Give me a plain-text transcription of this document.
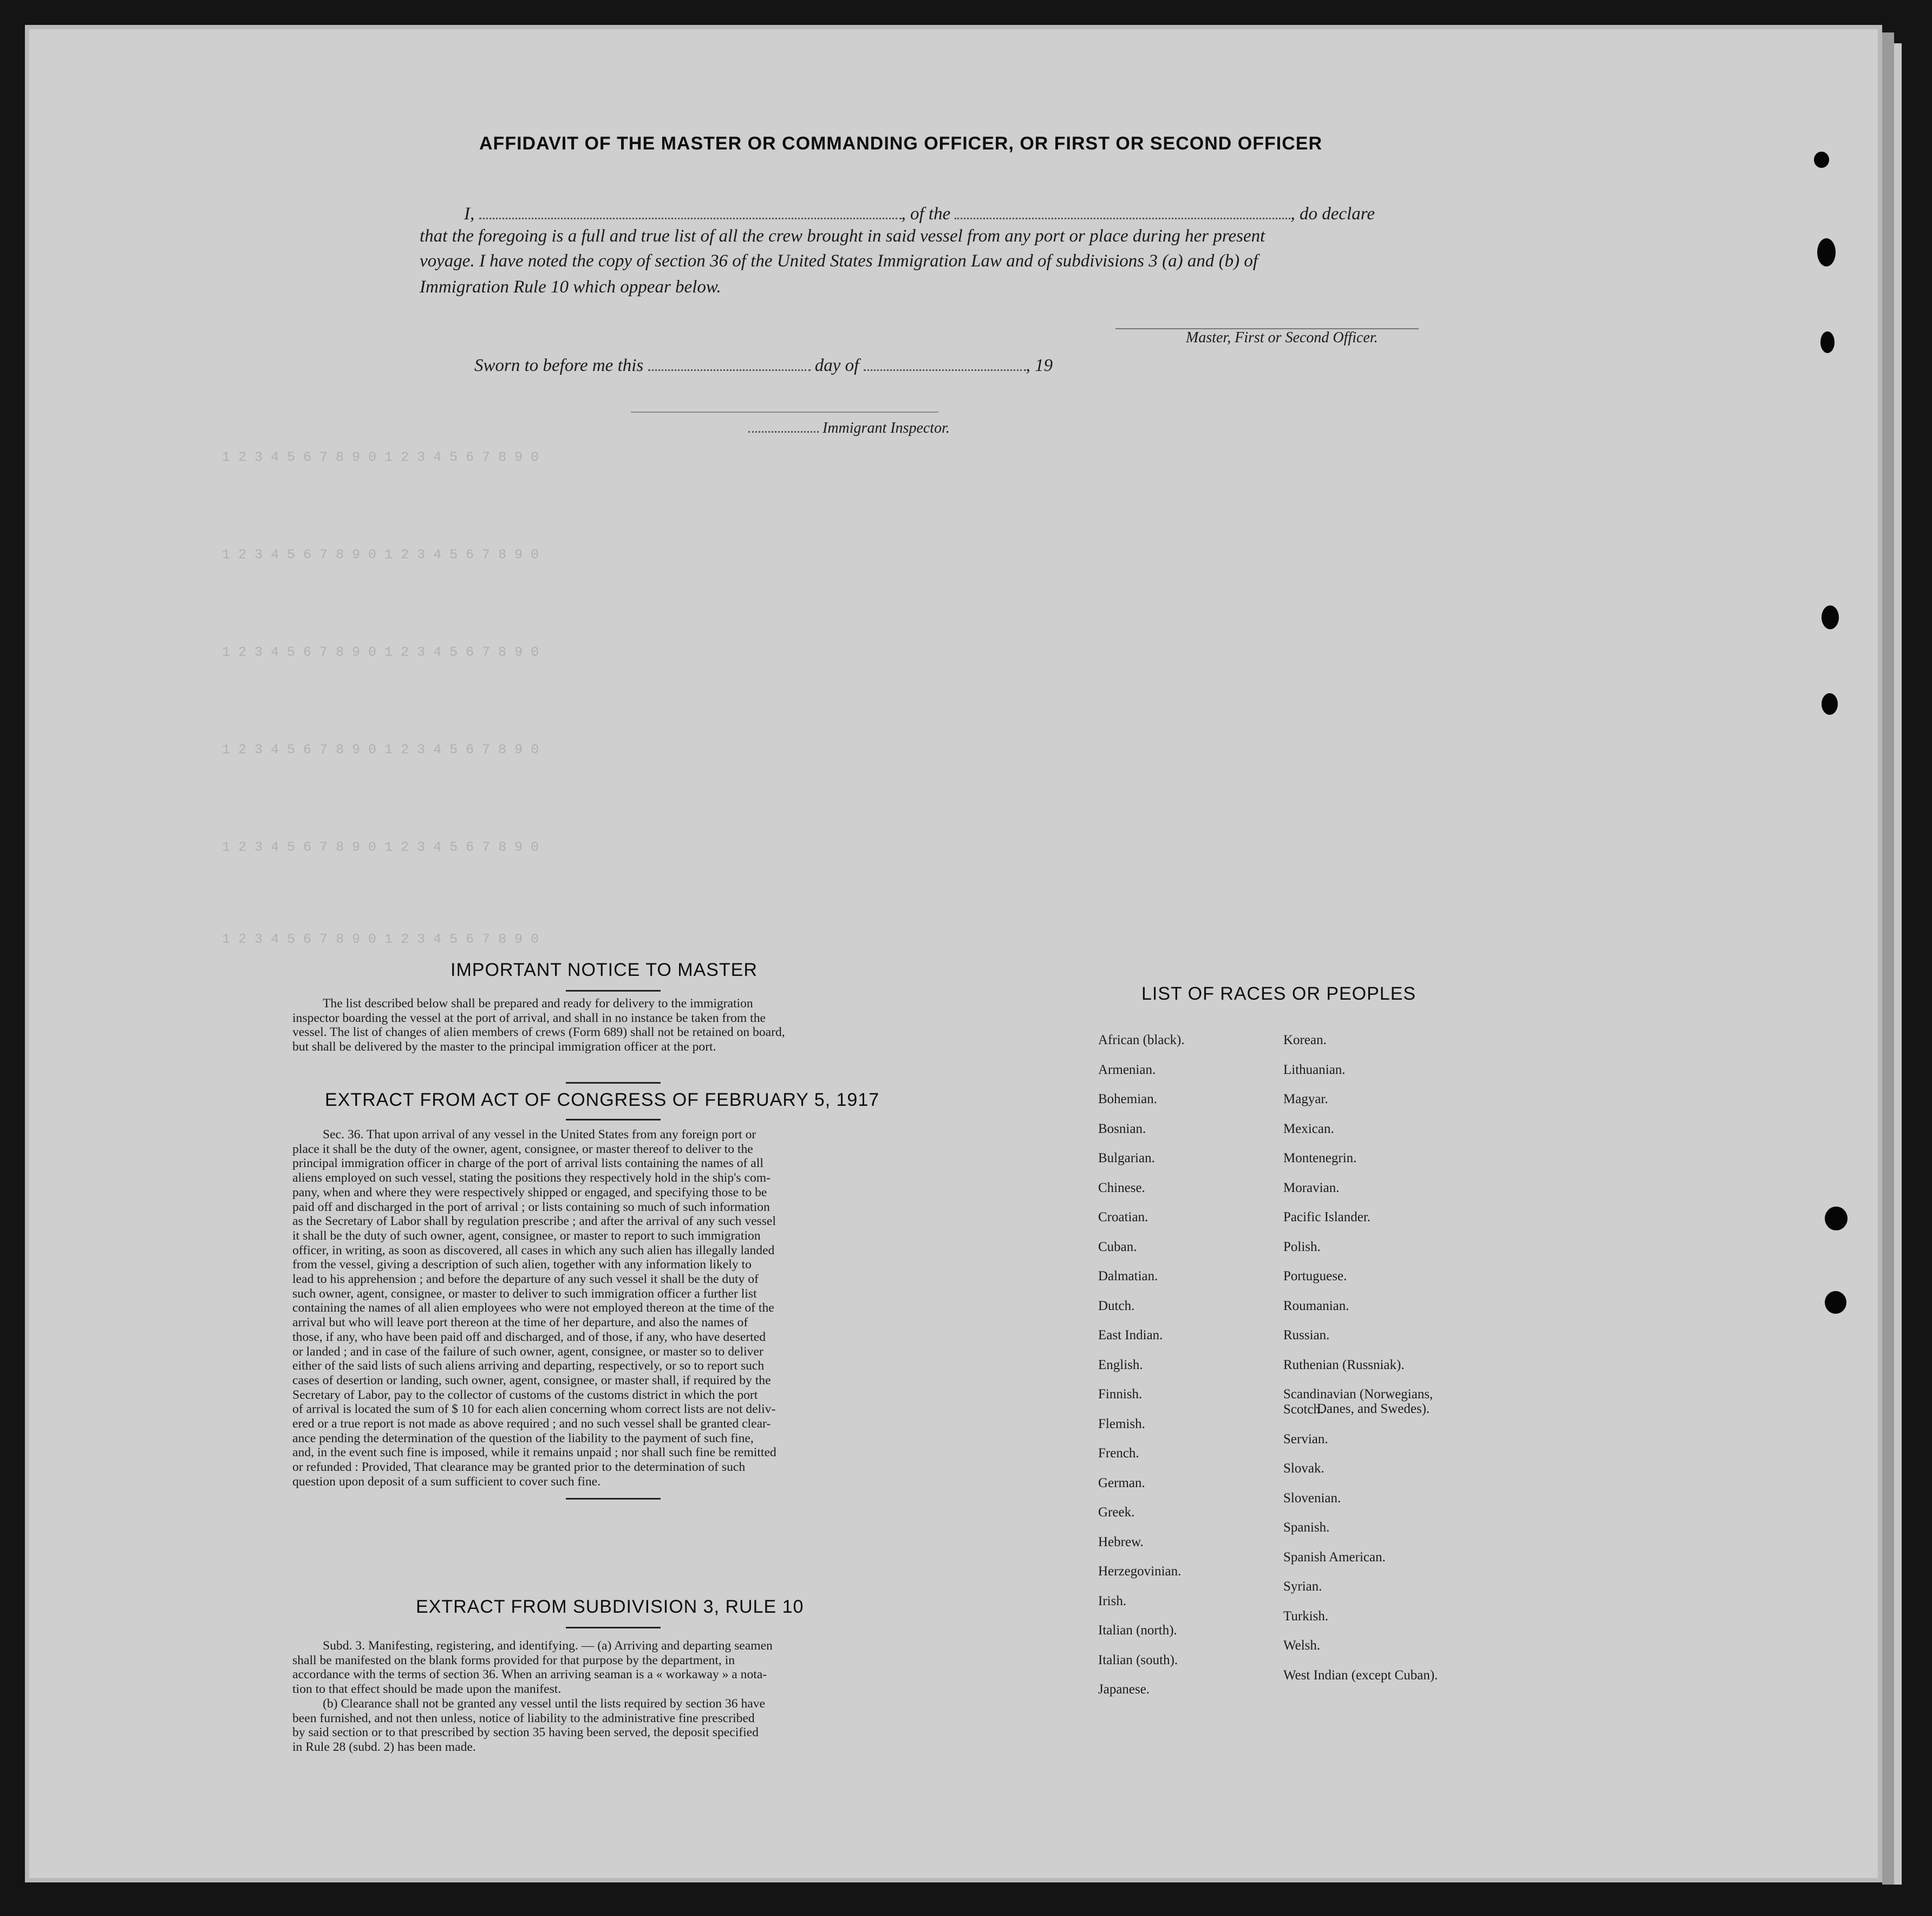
1 2 3 4 5 6 7 8 9 0 1 2 3 4 5 6 7 8 9 0
1 2 3 4 5 6 7 8 9 0 1 2 3 4 5 6 7 8 9 0
1 2 3 4 5 6 7 8 9 0 1 2 3 4 5 6 7 8 9 0
1 2 3 4 5 6 7 8 9 0 1 2 3 4 5 6 7 8 9 0
1 2 3 4 5 6 7 8 9 0 1 2 3 4 5 6 7 8 9 0
1 2 3 4 5 6 7 8 9 0 1 2 3 4 5 6 7 8 9 0
AFFIDAVIT OF THE MASTER OR COMMANDING OFFICER, OR FIRST OR SECOND OFFICER
I,	, of the	, do declare
that the foregoing is a full and true list of all the crew brought in said vessel from any port or place during her present
voyage. I have noted the copy of section 36 of the United States Immigration Law and of subdivisions 3 (a) and (b) of
Immigration Rule 10 which oppear below.
Master, First or Second Officer.
Sworn to before me this	day of	, 19
Immigrant Inspector.
IMPORTANT NOTICE TO MASTER
The list described below shall be prepared and ready for delivery to the immigration
inspector boarding the vessel at the port of arrival, and shall in no instance be taken from the
vessel. The list of changes of alien members of crews (Form 689) shall not be retained on board,
but shall be delivered by the master to the principal immigration officer at the port.
EXTRACT FROM ACT OF CONGRESS OF FEBRUARY 5, 1917
Sec. 36. That upon arrival of any vessel in the United States from any foreign port or
place it shall be the duty of the owner, agent, consignee, or master thereof to deliver to the
principal immigration officer in charge of the port of arrival lists containing the names of all
aliens employed on such vessel, stating the positions they respectively hold in the ship's com-
pany, when and where they were respectively shipped or engaged, and specifying those to be
paid off and discharged in the port of arrival ; or lists containing so much of such information
as the Secretary of Labor shall by regulation prescribe ; and after the arrival of any such vessel
it shall be the duty of such owner, agent, consignee, or master to report to such immigration
officer, in writing, as soon as discovered, all cases in which any such alien has illegally landed
from the vessel, giving a description of such alien, together with any information likely to
lead to his apprehension ; and before the departure of any such vessel it shall be the duty of
such owner, agent, consignee, or master to deliver to such immigration officer a further list
containing the names of all alien employees who were not employed thereon at the time of the
arrival but who will leave port thereon at the time of her departure, and also the names of
those, if any, who have been paid off and discharged, and of those, if any, who have deserted
or landed ; and in case of the failure of such owner, agent, consignee, or master so to deliver
either of the said lists of such aliens arriving and departing, respectively, or so to report such
cases of desertion or landing, such owner, agent, consignee, or master shall, if required by the
Secretary of Labor, pay to the collector of customs of the customs district in which the port
of arrival is located the sum of $ 10 for each alien concerning whom correct lists are not deliv-
ered or a true report is not made as above required ; and no such vessel shall be granted clear-
ance pending the determination of the question of the liability to the payment of such fine,
and, in the event such fine is imposed, while it remains unpaid ; nor shall such fine be remitted
or refunded : Provided, That clearance may be granted prior to the determination of such
question upon deposit of a sum sufficient to cover such fine.
EXTRACT FROM SUBDIVISION 3, RULE 10
Subd. 3. Manifesting, registering, and identifying. — (a) Arriving and departing seamen
shall be manifested on the blank forms provided for that purpose by the department, in
accordance with the terms of section 36. When an arriving seaman is a « workaway » a nota-
tion to that effect should be made upon the manifest.
(b) Clearance shall not be granted any vessel until the lists required by section 36 have
been furnished, and not then unless, notice of liability to the administrative fine prescribed
by said section or to that prescribed by section 35 having been served, the deposit specified
in Rule 28 (subd. 2) has been made.
LIST OF RACES OR PEOPLES
African (black).
Armenian.
Bohemian.
Bosnian.
Bulgarian.
Chinese.
Croatian.
Cuban.
Dalmatian.
Dutch.
East Indian.
English.
Finnish.
Flemish.
French.
German.
Greek.
Hebrew.
Herzegovinian.
Irish.
Italian (north).
Italian (south).
Japanese.
Korean.
Lithuanian.
Magyar.
Mexican.
Montenegrin.
Moravian.
Pacific Islander.
Polish.
Portuguese.
Roumanian.
Russian.
Ruthenian (Russniak).
Scandinavian (Norwegians,
Danes, and Swedes).
Scotch.
Servian.
Slovak.
Slovenian.
Spanish.
Spanish American.
Syrian.
Turkish.
Welsh.
West Indian (except Cuban).
